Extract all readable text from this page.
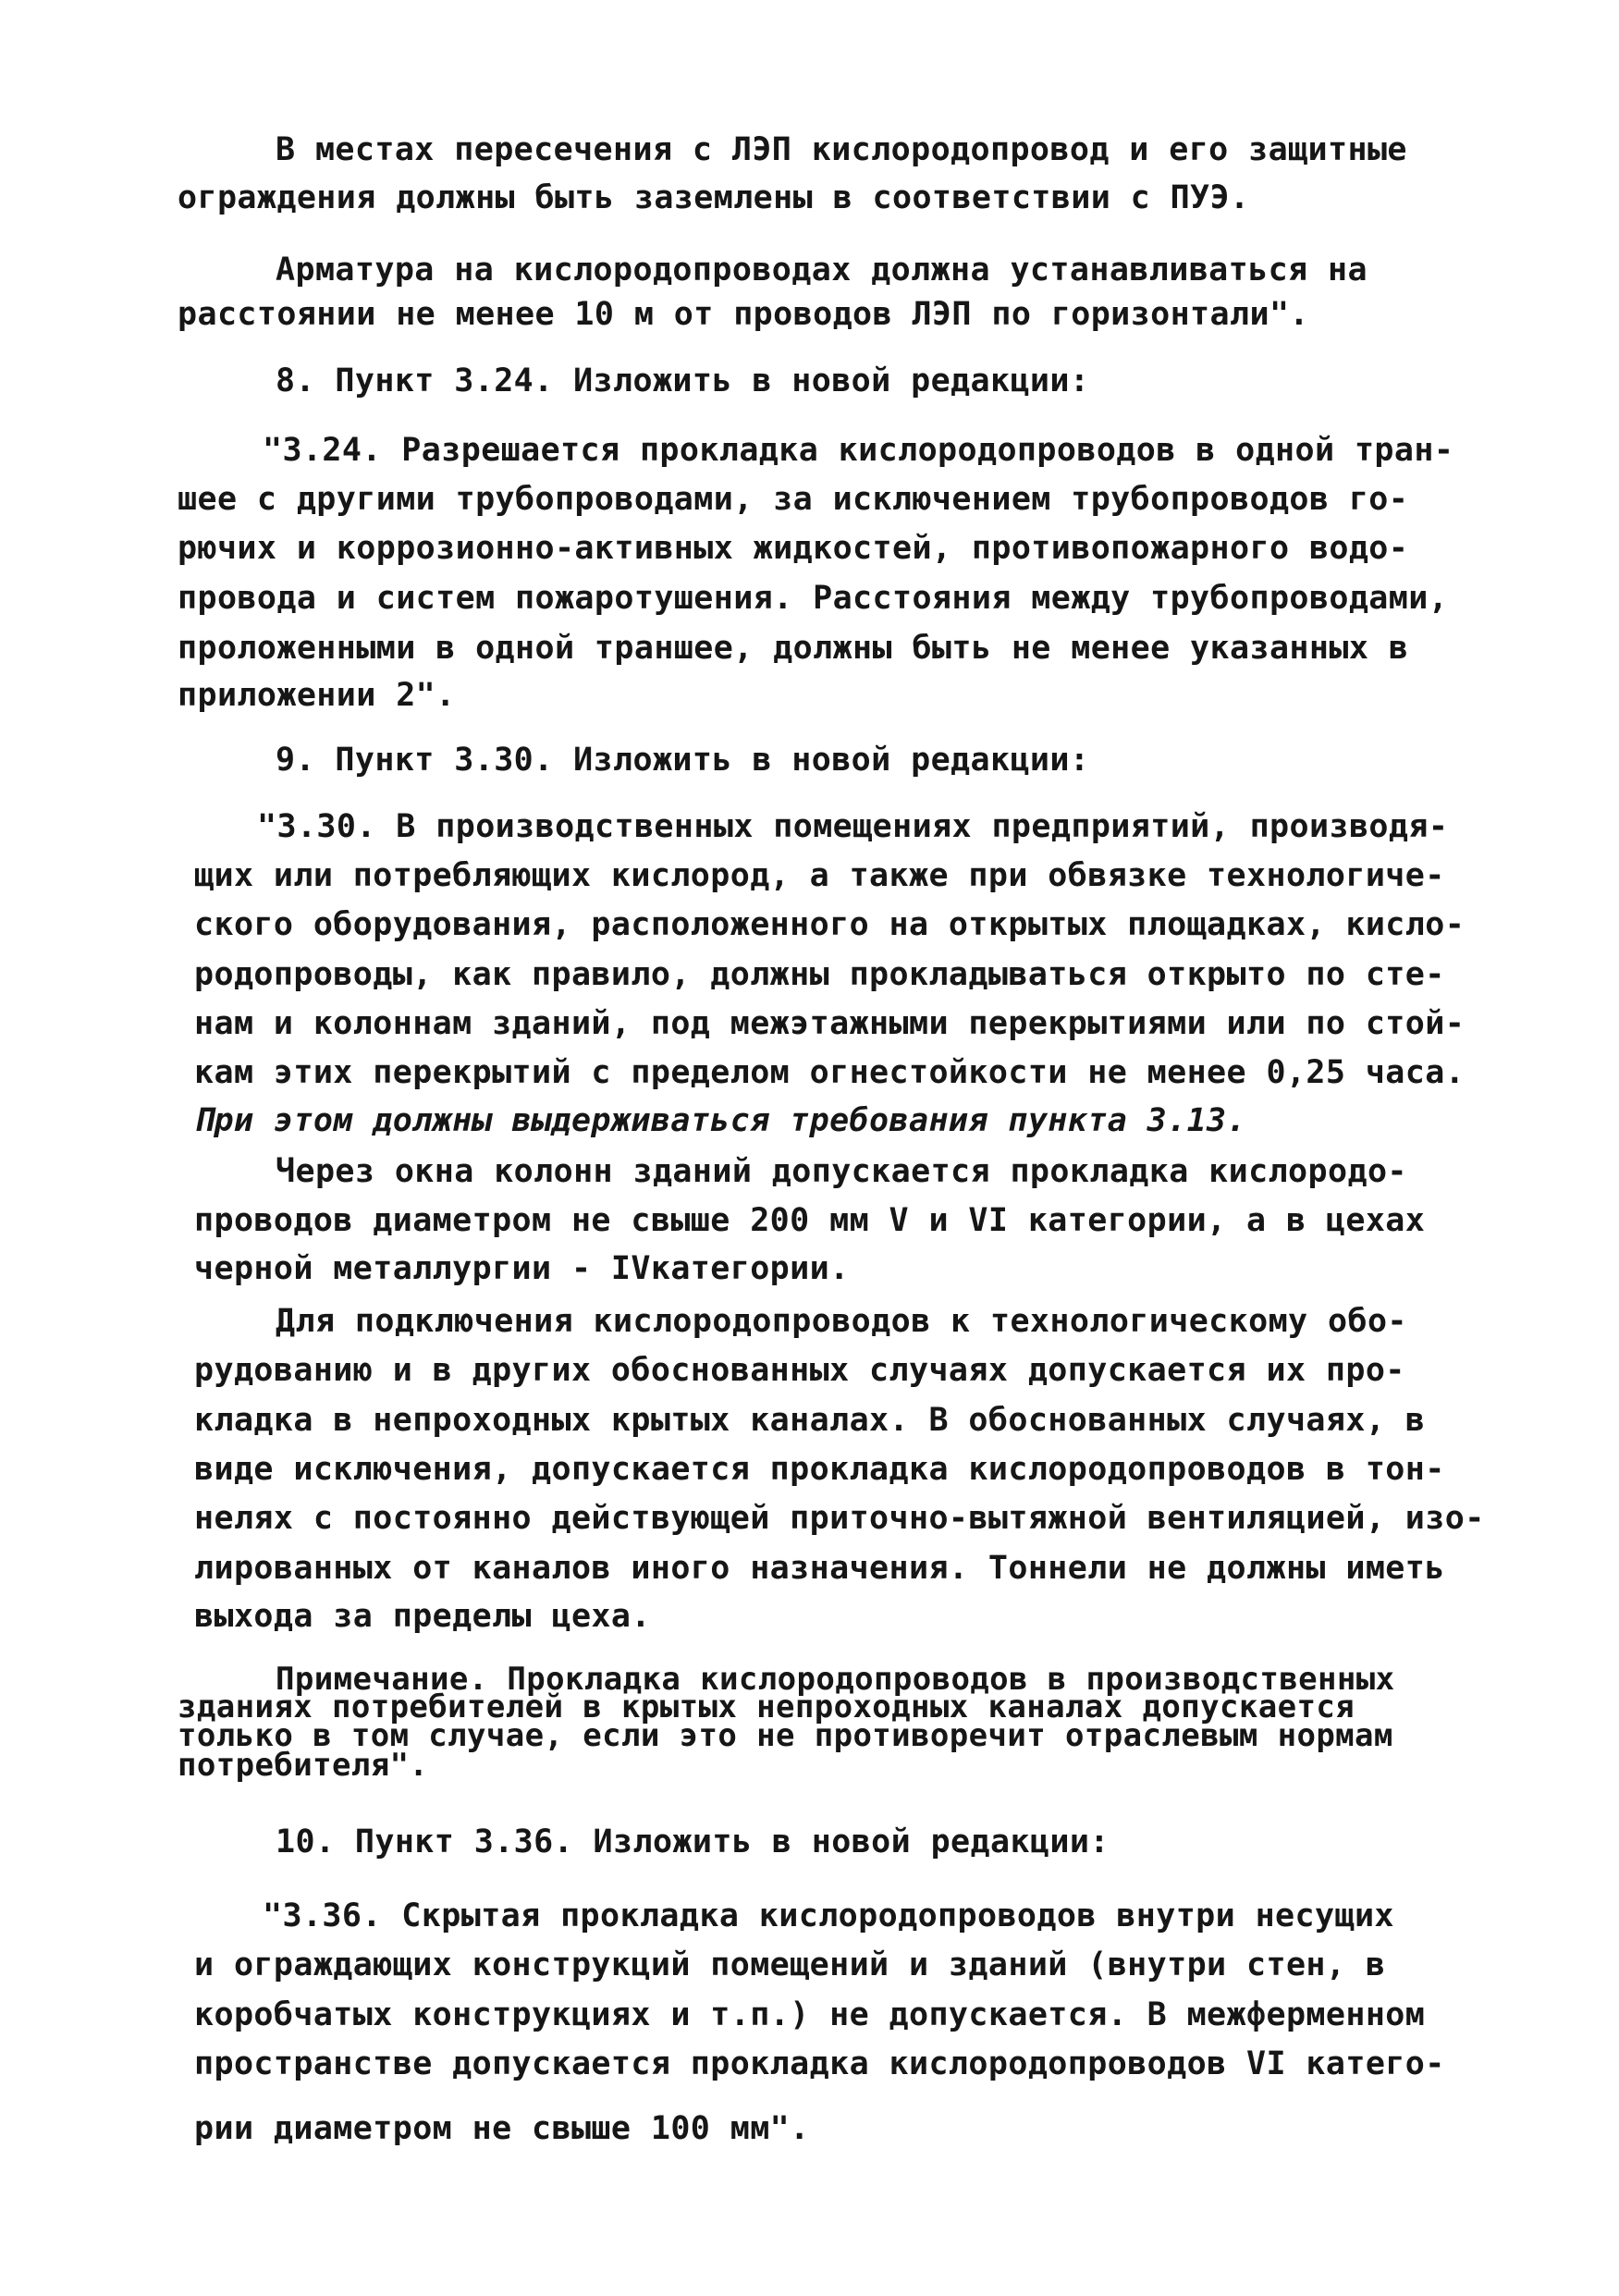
В местах пересечения с ЛЭП кислородопровод и его защитные
ограждения должны быть заземлены в соответствии с ПУЭ.
Арматура на кислородопроводах должна устанавливаться на
расстоянии не менее 10 м от проводов ЛЭП по горизонтали".
8. Пункт 3.24. Изложить в новой редакции:
"3.24. Разрешается прокладка кислородопроводов в одной тран-
шее с другими трубопроводами, за исключением трубопроводов го-
рючих и коррозионно-активных жидкостей, противопожарного водо-
провода и систем пожаротушения. Расстояния между трубопроводами,
проложенными в одной траншее, должны быть не менее указанных в
приложении 2".
9. Пункт 3.30. Изложить в новой редакции:
"3.30. В производственных помещениях предприятий, производя-
щих или потребляющих кислород, а также при обвязке технологиче-
ского оборудования, расположенного на открытых площадках, кисло-
родопроводы, как правило, должны прокладываться открыто по сте-
нам и колоннам зданий, под межэтажными перекрытиями или по стой-
кам этих перекрытий с пределом огнестойкости не менее 0,25 часа.
При этом должны выдерживаться требования пункта 3.13.
Через окна колонн зданий допускается прокладка кислородо-
проводов диаметром не свыше 200 мм V и VI категории, а в цехах
черной металлургии - IVкатегории.
Для подключения кислородопроводов к технологическому обо-
рудованию и в других обоснованных случаях допускается их про-
кладка в непроходных крытых каналах. В обоснованных случаях, в
виде исключения, допускается прокладка кислородопроводов в тон-
нелях с постоянно действующей приточно-вытяжной вентиляцией, изо-
лированных от каналов иного назначения. Тоннели не должны иметь
выхода за пределы цеха.
Примечание. Прокладка кислородопроводов в производственных
зданиях потребителей в крытых непроходных каналах допускается
только в том случае, если это не противоречит отраслевым нормам
потребителя".
10. Пункт 3.36. Изложить в новой редакции:
"3.36. Скрытая прокладка кислородопроводов внутри несущих
и ограждающих конструкций помещений и зданий (внутри стен, в
коробчатых конструкциях и т.п.) не допускается. В межферменном
пространстве допускается прокладка кислородопроводов VI катего-
рии диаметром не свыше 100 мм".
